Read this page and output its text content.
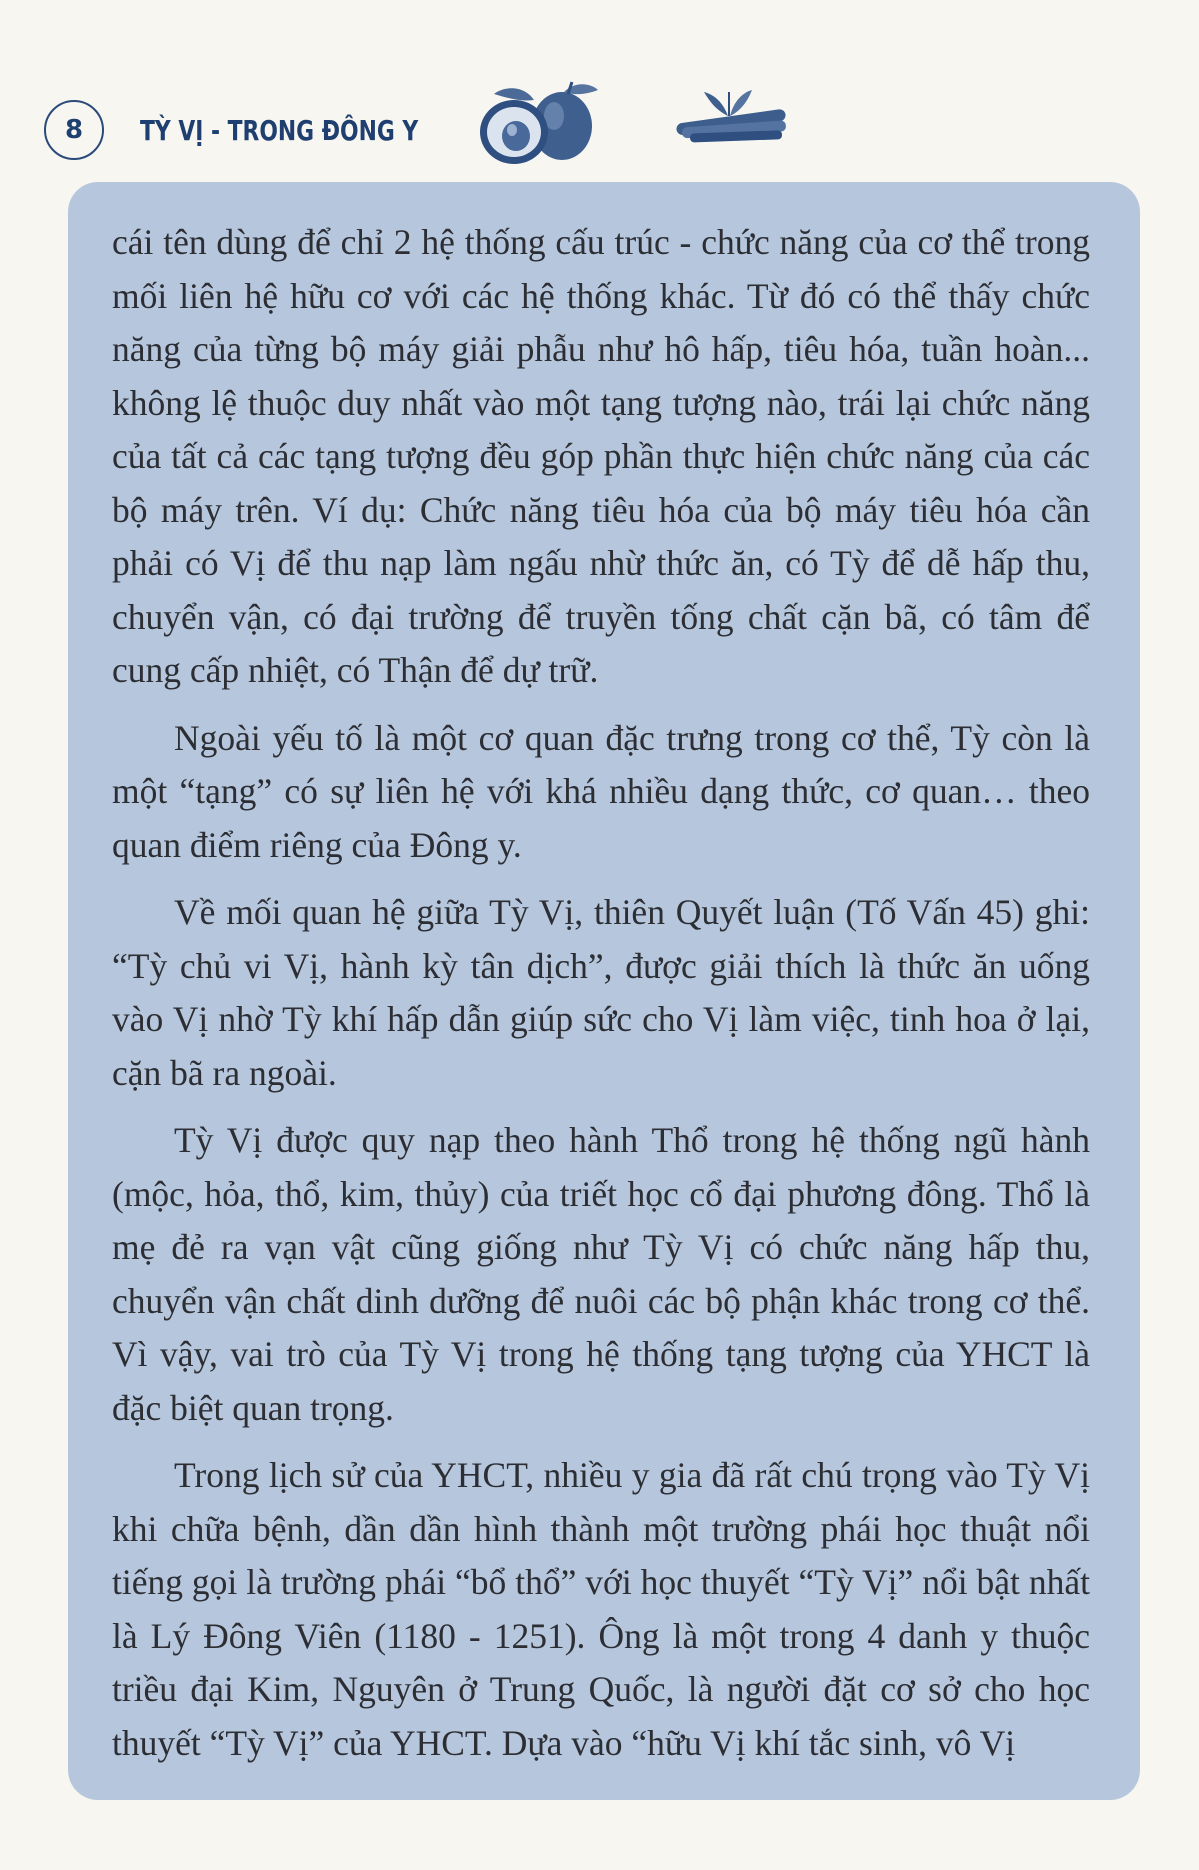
8 TỲ VỊ - TRONG ĐÔNG Y

cái tên dùng để chỉ 2 hệ thống cấu trúc - chức năng của cơ thể trong mối liên hệ hữu cơ với các hệ thống khác. Từ đó có thể thấy chức năng của từng bộ máy giải phẫu như hô hấp, tiêu hóa, tuần hoàn... không lệ thuộc duy nhất vào một tạng tượng nào, trái lại chức năng của tất cả các tạng tượng đều góp phần thực hiện chức năng của các bộ máy trên. Ví dụ: Chức năng tiêu hóa của bộ máy tiêu hóa cần phải có Vị để thu nạp làm ngấu nhừ thức ăn, có Tỳ để dễ hấp thu, chuyển vận, có đại trường để truyền tống chất cặn bã, có tâm để cung cấp nhiệt, có Thận để dự trữ.

Ngoài yếu tố là một cơ quan đặc trưng trong cơ thể, Tỳ còn là một “tạng” có sự liên hệ với khá nhiều dạng thức, cơ quan… theo quan điểm riêng của Đông y.

Về mối quan hệ giữa Tỳ Vị, thiên Quyết luận (Tố Vấn 45) ghi: “Tỳ chủ vi Vị, hành kỳ tân dịch”, được giải thích là thức ăn uống vào Vị nhờ Tỳ khí hấp dẫn giúp sức cho Vị làm việc, tinh hoa ở lại, cặn bã ra ngoài.

Tỳ Vị được quy nạp theo hành Thổ trong hệ thống ngũ hành (mộc, hỏa, thổ, kim, thủy) của triết học cổ đại phương đông. Thổ là mẹ đẻ ra vạn vật cũng giống như Tỳ Vị có chức năng hấp thu, chuyển vận chất dinh dưỡng để nuôi các bộ phận khác trong cơ thể. Vì vậy, vai trò của Tỳ Vị trong hệ thống tạng tượng của YHCT là đặc biệt quan trọng.

Trong lịch sử của YHCT, nhiều y gia đã rất chú trọng vào Tỳ Vị khi chữa bệnh, dần dần hình thành một trường phái học thuật nổi tiếng gọi là trường phái “bổ thổ” với học thuyết “Tỳ Vị” nổi bật nhất là Lý Đông Viên (1180 - 1251). Ông là một trong 4 danh y thuộc triều đại Kim, Nguyên ở Trung Quốc, là người đặt cơ sở cho học thuyết “Tỳ Vị” của YHCT. Dựa vào “hữu Vị khí tắc sinh, vô Vị
